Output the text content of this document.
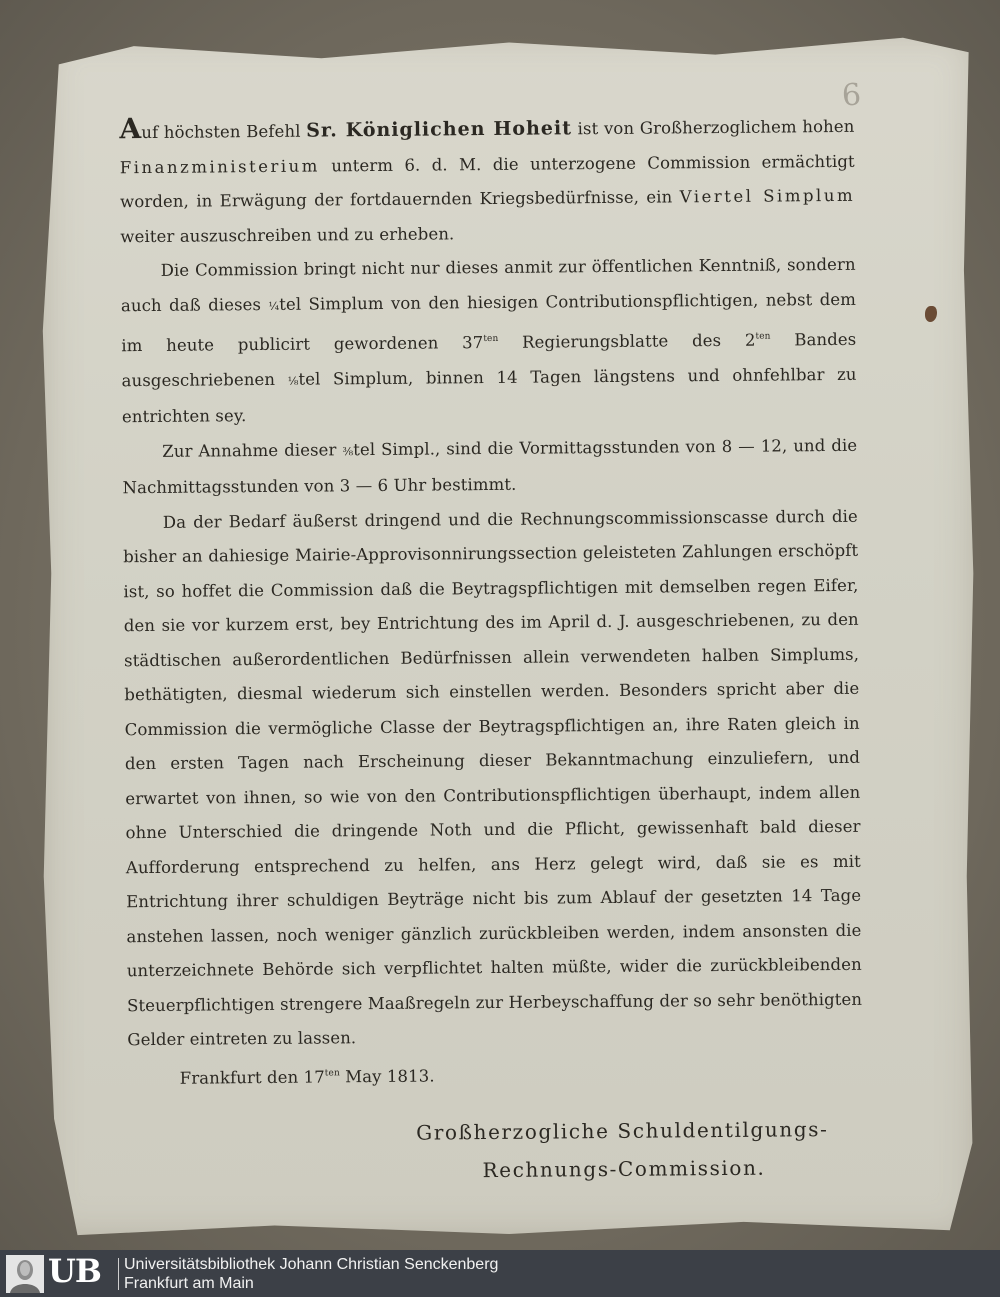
6

Auf höchsten Befehl Sr. Königlichen Hoheit ist von Großherzoglichem hohen Finanzministerium unterm 6. d. M. die unterzogene Commission ermächtigt worden, in Erwägung der fortdauernden Kriegsbedürfnisse, ein Viertel Simplum weiter auszuschreiben und zu erheben.

Die Commission bringt nicht nur dieses anmit zur öffentlichen Kenntniß, sondern auch daß dieses ¼tel Simplum von den hiesigen Contributionspflichtigen, nebst dem im heute publicirt gewordenen $37^{ten}$ Regierungsblatte des $2^{ten}$ Bandes ausgeschriebenen ⅛tel Simplum, binnen 14 Tagen längstens und ohnfehlbar zu entrichten sey.

Zur Annahme dieser ⅜tel Simpl., sind die Vormittagsstunden von 8 — 12, und die Nachmittagsstunden von 3 — 6 Uhr bestimmt.

Da der Bedarf äußerst dringend und die Rechnungscommissionscasse durch die bisher an dahiesige Mairie-Approvisonnirungssection geleisteten Zahlungen erschöpft ist, so hoffet die Commission daß die Beytragspflichtigen mit demselben regen Eifer, den sie vor kurzem erst, bey Entrichtung des im April d. J. ausgeschriebenen, zu den städtischen außerordentlichen Bedürfnissen allein verwendeten halben Simplums, bethätigten, diesmal wiederum sich einstellen werden. Besonders spricht aber die Commission die vermögliche Classe der Beytragspflichtigen an, ihre Raten gleich in den ersten Tagen nach Erscheinung dieser Bekanntmachung einzuliefern, und erwartet von ihnen, so wie von den Contributionspflichtigen überhaupt, indem allen ohne Unterschied die dringende Noth und die Pflicht, gewissenhaft bald dieser Aufforderung entsprechend zu helfen, ans Herz gelegt wird, daß sie es mit Entrichtung ihrer schuldigen Beyträge nicht bis zum Ablauf der gesetzten 14 Tage anstehen lassen, noch weniger gänzlich zurückbleiben werden, indem ansonsten die unterzeichnete Behörde sich verpflichtet halten müßte, wider die zurückbleibenden Steuerpflichtigen strengere Maaßregeln zur Herbeyschaffung der so sehr benöthigten Gelder eintreten zu lassen.

Frankfurt den $17^{ten}$ May 1813.

Großherzogliche Schuldentilgungs-
Rechnungs-Commission.
UB Universitätsbibliothek Johann Christian Senckenberg
Frankfurt am Main
